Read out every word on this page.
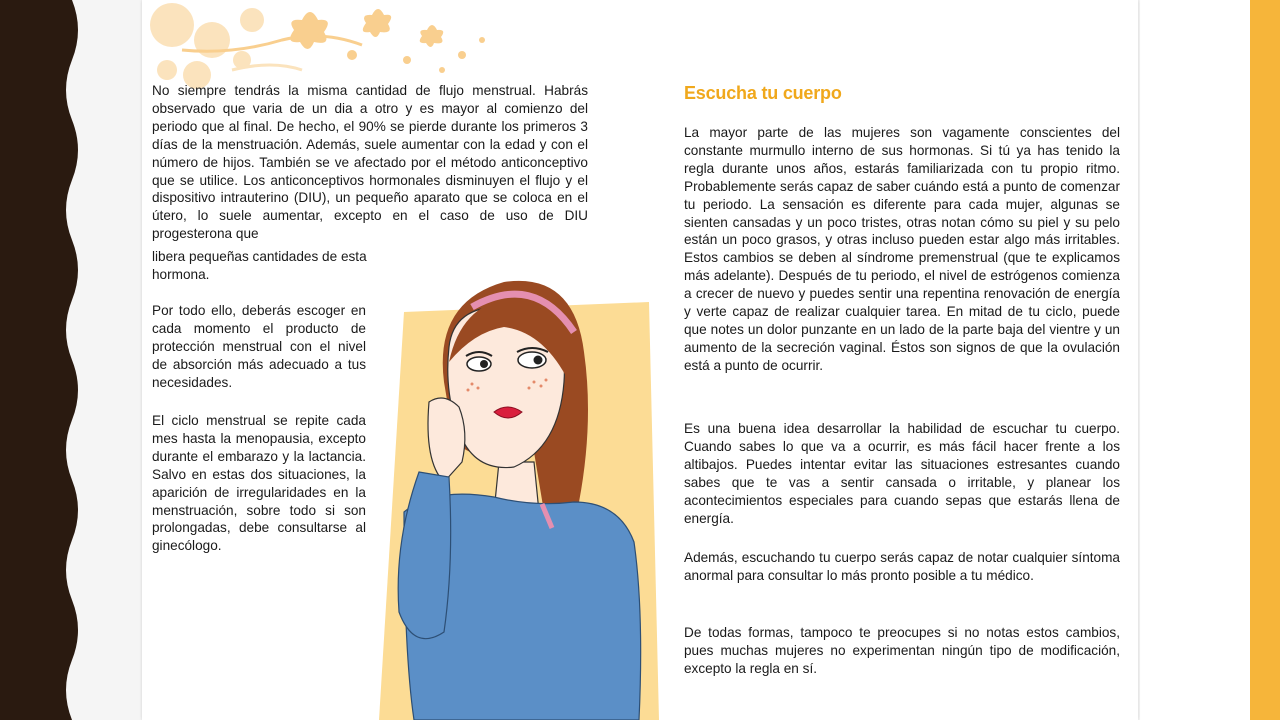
No siempre tendrás la misma cantidad de flujo menstrual. Habrás observado que varia de un dia a otro y es mayor al comienzo del periodo que al final. De hecho, el 90% se pierde durante los primeros 3 días de la menstruación. Además, suele aumentar con la edad y con el número de hijos. También se ve afectado por el método anticonceptivo que se utilice. Los anticonceptivos hormonales disminuyen el flujo y el dispositivo intrauterino (DIU), un pequeño aparato que se coloca en el útero, lo suele aumentar, excepto en el caso de uso de DIU progesterona que

libera pequeñas cantidades de esta hormona.

Por todo ello, deberás escoger en cada momento el producto de protección menstrual con el nivel de absorción más adecuado a tus necesidades.

El ciclo menstrual se repite cada mes hasta la menopausia, excepto durante el embarazo y la lactancia. Salvo en estas dos situaciones, la aparición de irregularidades en la menstruación, sobre todo si son prolongadas, debe consultarse al ginecólogo.

Escucha tu cuerpo

La mayor parte de las mujeres son vagamente conscientes del constante murmullo interno de sus hormonas. Si tú ya has tenido la regla durante unos años, estarás familiarizada con tu propio ritmo. Probablemente serás capaz de saber cuándo está a punto de comenzar tu periodo. La sensación es diferente para cada mujer, algunas se sienten cansadas y un poco tristes, otras notan cómo su piel y su pelo están un poco grasos, y otras incluso pueden estar algo más irritables. Estos cambios se deben al síndrome premenstrual (que te explicamos más adelante). Después de tu periodo, el nivel de estrógenos comienza a crecer de nuevo y puedes sentir una repentina renovación de energía y verte capaz de realizar cualquier tarea. En mitad de tu ciclo, puede que notes un dolor punzante en un lado de la parte baja del vientre y un aumento de la secreción vaginal. Éstos son signos de que la ovulación está a punto de ocurrir.

Es una buena idea desarrollar la habilidad de escuchar tu cuerpo. Cuando sabes lo que va a ocurrir, es más fácil hacer frente a los altibajos. Puedes intentar evitar las situaciones estresantes cuando sabes que te vas a sentir cansada o irritable, y planear los acontecimientos especiales para cuando sepas que estarás llena de energía.

Además, escuchando tu cuerpo serás capaz de notar cualquier síntoma anormal para consultar lo más pronto posible a tu médico.

De todas formas, tampoco te preocupes si no notas estos cambios, pues muchas mujeres no experimentan ningún tipo de modificación, excepto la regla en sí.
